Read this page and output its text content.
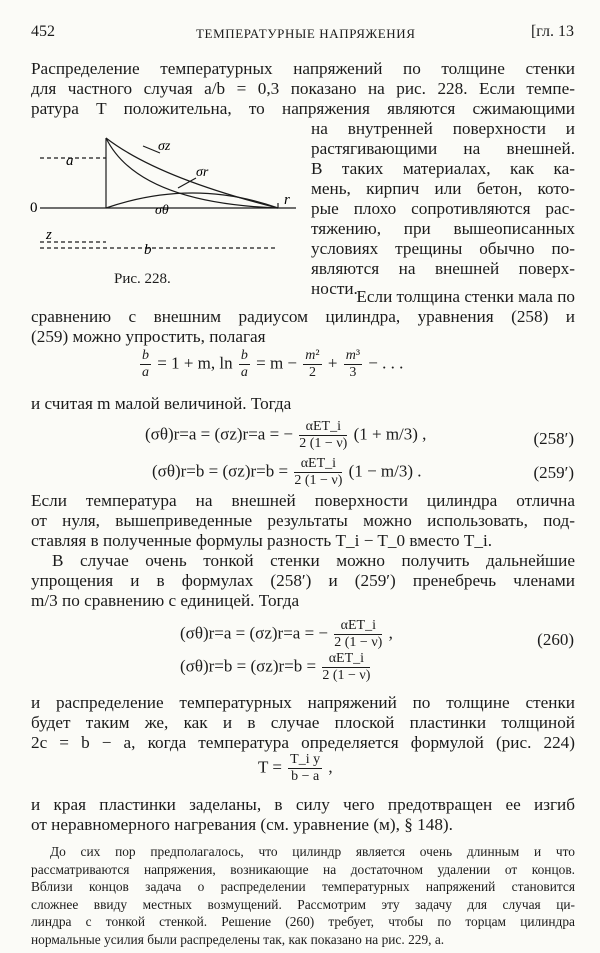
452	ТЕМПЕРАТУРНЫЕ НАПРЯЖЕНИЯ	[гл. 13
Распределение температурных напряжений по толщине стенки
для частного случая a/b = 0,3 показано на рис. 228. Если темпе-
ратура T положительна, то напряжения являются сжимающими
на внутренней поверхности и
растягивающими на внешней.
В таких материалах, как ка-
мень, кирпич или бетон, кото-
рые плохо сопротивляются рас-
тяжению, при вышеописанных
условиях трещины обычно по-
являются на внешней поверх-
ности.
a
σz
σr
σθ
0	r
z
b
Рис. 228.
Если толщина стенки мала по
сравнению с внешним радиусом цилиндра, уравнения (258) и
(259) можно упростить, полагая
$\frac{b}{a} = 1 + m$, $\ln \frac{b}{a} = m - \frac{\text{m²}}{2} + \frac{\text{m³}}{3}$ − . . .
и считая m малой величиной. Тогда
(σθ)r=a = (σz)r=a = − $\frac{\text{αET\_i}}{2 (1 - \nu)} (1 + m/3)$ ,	(258′)
$(\sigma\theta)r=b = (\sigma z)r=b = \frac{\text{αET\_i}}{2 (1 - \nu)} (1 - m/3)$ .	(259′)
Если температура на внешней поверхности цилиндра отлична
от нуля, вышеприведенные результаты можно использовать, под-
ставляя в полученные формулы разность T_i − T_0 вместо T_i.
В случае очень тонкой стенки можно получить дальнейшие
упрощения и в формулах (258′) и (259′) пренебречь членами
m/3 по сравнению с единицей. Тогда
(σθ)r=a = (σz)r=a = − $\frac{\text{αET\_i}}{2 (1 - \nu)}$ ,	(260)
$(\sigma\theta)r=b = (\sigma z)r=b = \frac{\text{αET\_i}}{2 (1 - \nu)}$
и распределение температурных напряжений по толщине стенки
будет таким же, как и в случае плоской пластинки толщиной
2c = b − a, когда температура определяется формулой (рис. 224)
$T = \frac{\text{T\_i y}}{b - a}$ ,
и края пластинки заделаны, в силу чего предотвращен ее изгиб
от неравномерного нагревания (см. уравнение (м), § 148).
До сих пор предполагалось, что цилиндр является очень длинным и что
рассматриваются напряжения, возникающие на достаточном удалении от концов.
Вблизи концов задача о распределении температурных напряжений становится
сложнее ввиду местных возмущений. Рассмотрим эту задачу для случая ци-
линдра с тонкой стенкой. Решение (260) требует, чтобы по торцам цилиндра
нормальные усилия были распределены так, как показано на рис. 229, a.
